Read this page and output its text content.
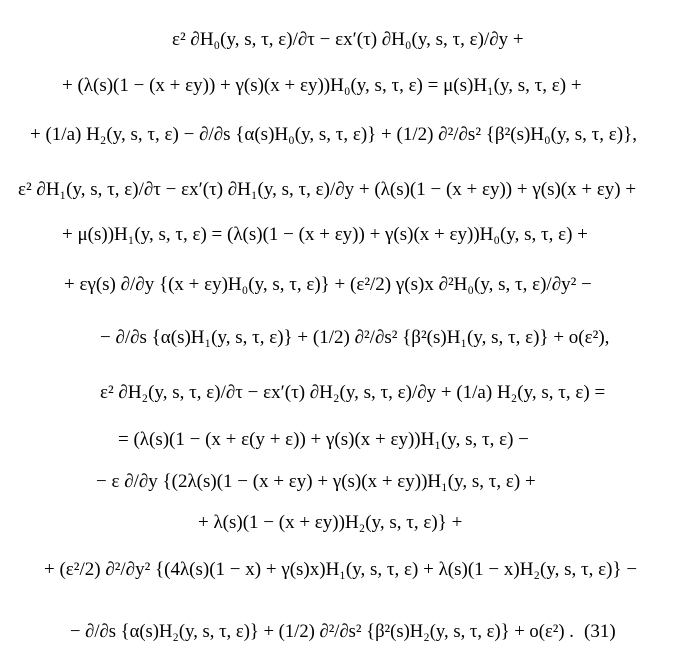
ε² ∂H₀(y, s, τ, ε)/∂τ − εx′(τ) ∂H₀(y, s, τ, ε)/∂y +
+ (λ(s)(1 − (x + εy)) + γ(s)(x + εy))H₀(y, s, τ, ε) = μ(s)H₁(y, s, τ, ε) +
+ (1/a) H₂(y, s, τ, ε) − ∂/∂s {α(s)H₀(y, s, τ, ε)} + (1/2) ∂²/∂s² {β²(s)H₀(y, s, τ, ε)},
ε² ∂H₁(y, s, τ, ε)/∂τ − εx′(τ) ∂H₁(y, s, τ, ε)/∂y + (λ(s)(1 − (x + εy)) + γ(s)(x + εy) +
+ μ(s))H₁(y, s, τ, ε) = (λ(s)(1 − (x + εy)) + γ(s)(x + εy))H₀(y, s, τ, ε) +
+ εγ(s) ∂/∂y {(x + εy)H₀(y, s, τ, ε)} + (ε²/2) γ(s)x ∂²H₀(y, s, τ, ε)/∂y² −
− ∂/∂s {α(s)H₁(y, s, τ, ε)} + (1/2) ∂²/∂s² {β²(s)H₁(y, s, τ, ε)} + o(ε²),
ε² ∂H₂(y, s, τ, ε)/∂τ − εx′(τ) ∂H₂(y, s, τ, ε)/∂y + (1/a) H₂(y, s, τ, ε) =
= (λ(s)(1 − (x + ε(y + ε)) + γ(s)(x + εy))H₁(y, s, τ, ε) −
− ε ∂/∂y {(2λ(s)(1 − (x + εy) + γ(s)(x + εy))H₁(y, s, τ, ε) +
+ λ(s)(1 − (x + εy))H₂(y, s, τ, ε)} +
+ (ε²/2) ∂²/∂y² {(4λ(s)(1 − x) + γ(s)x)H₁(y, s, τ, ε) + λ(s)(1 − x)H₂(y, s, τ, ε)} −
− ∂/∂s {α(s)H₂(y, s, τ, ε)} + (1/2) ∂²/∂s² {β²(s)H₂(y, s, τ, ε)} + o(ε²) . (31)
